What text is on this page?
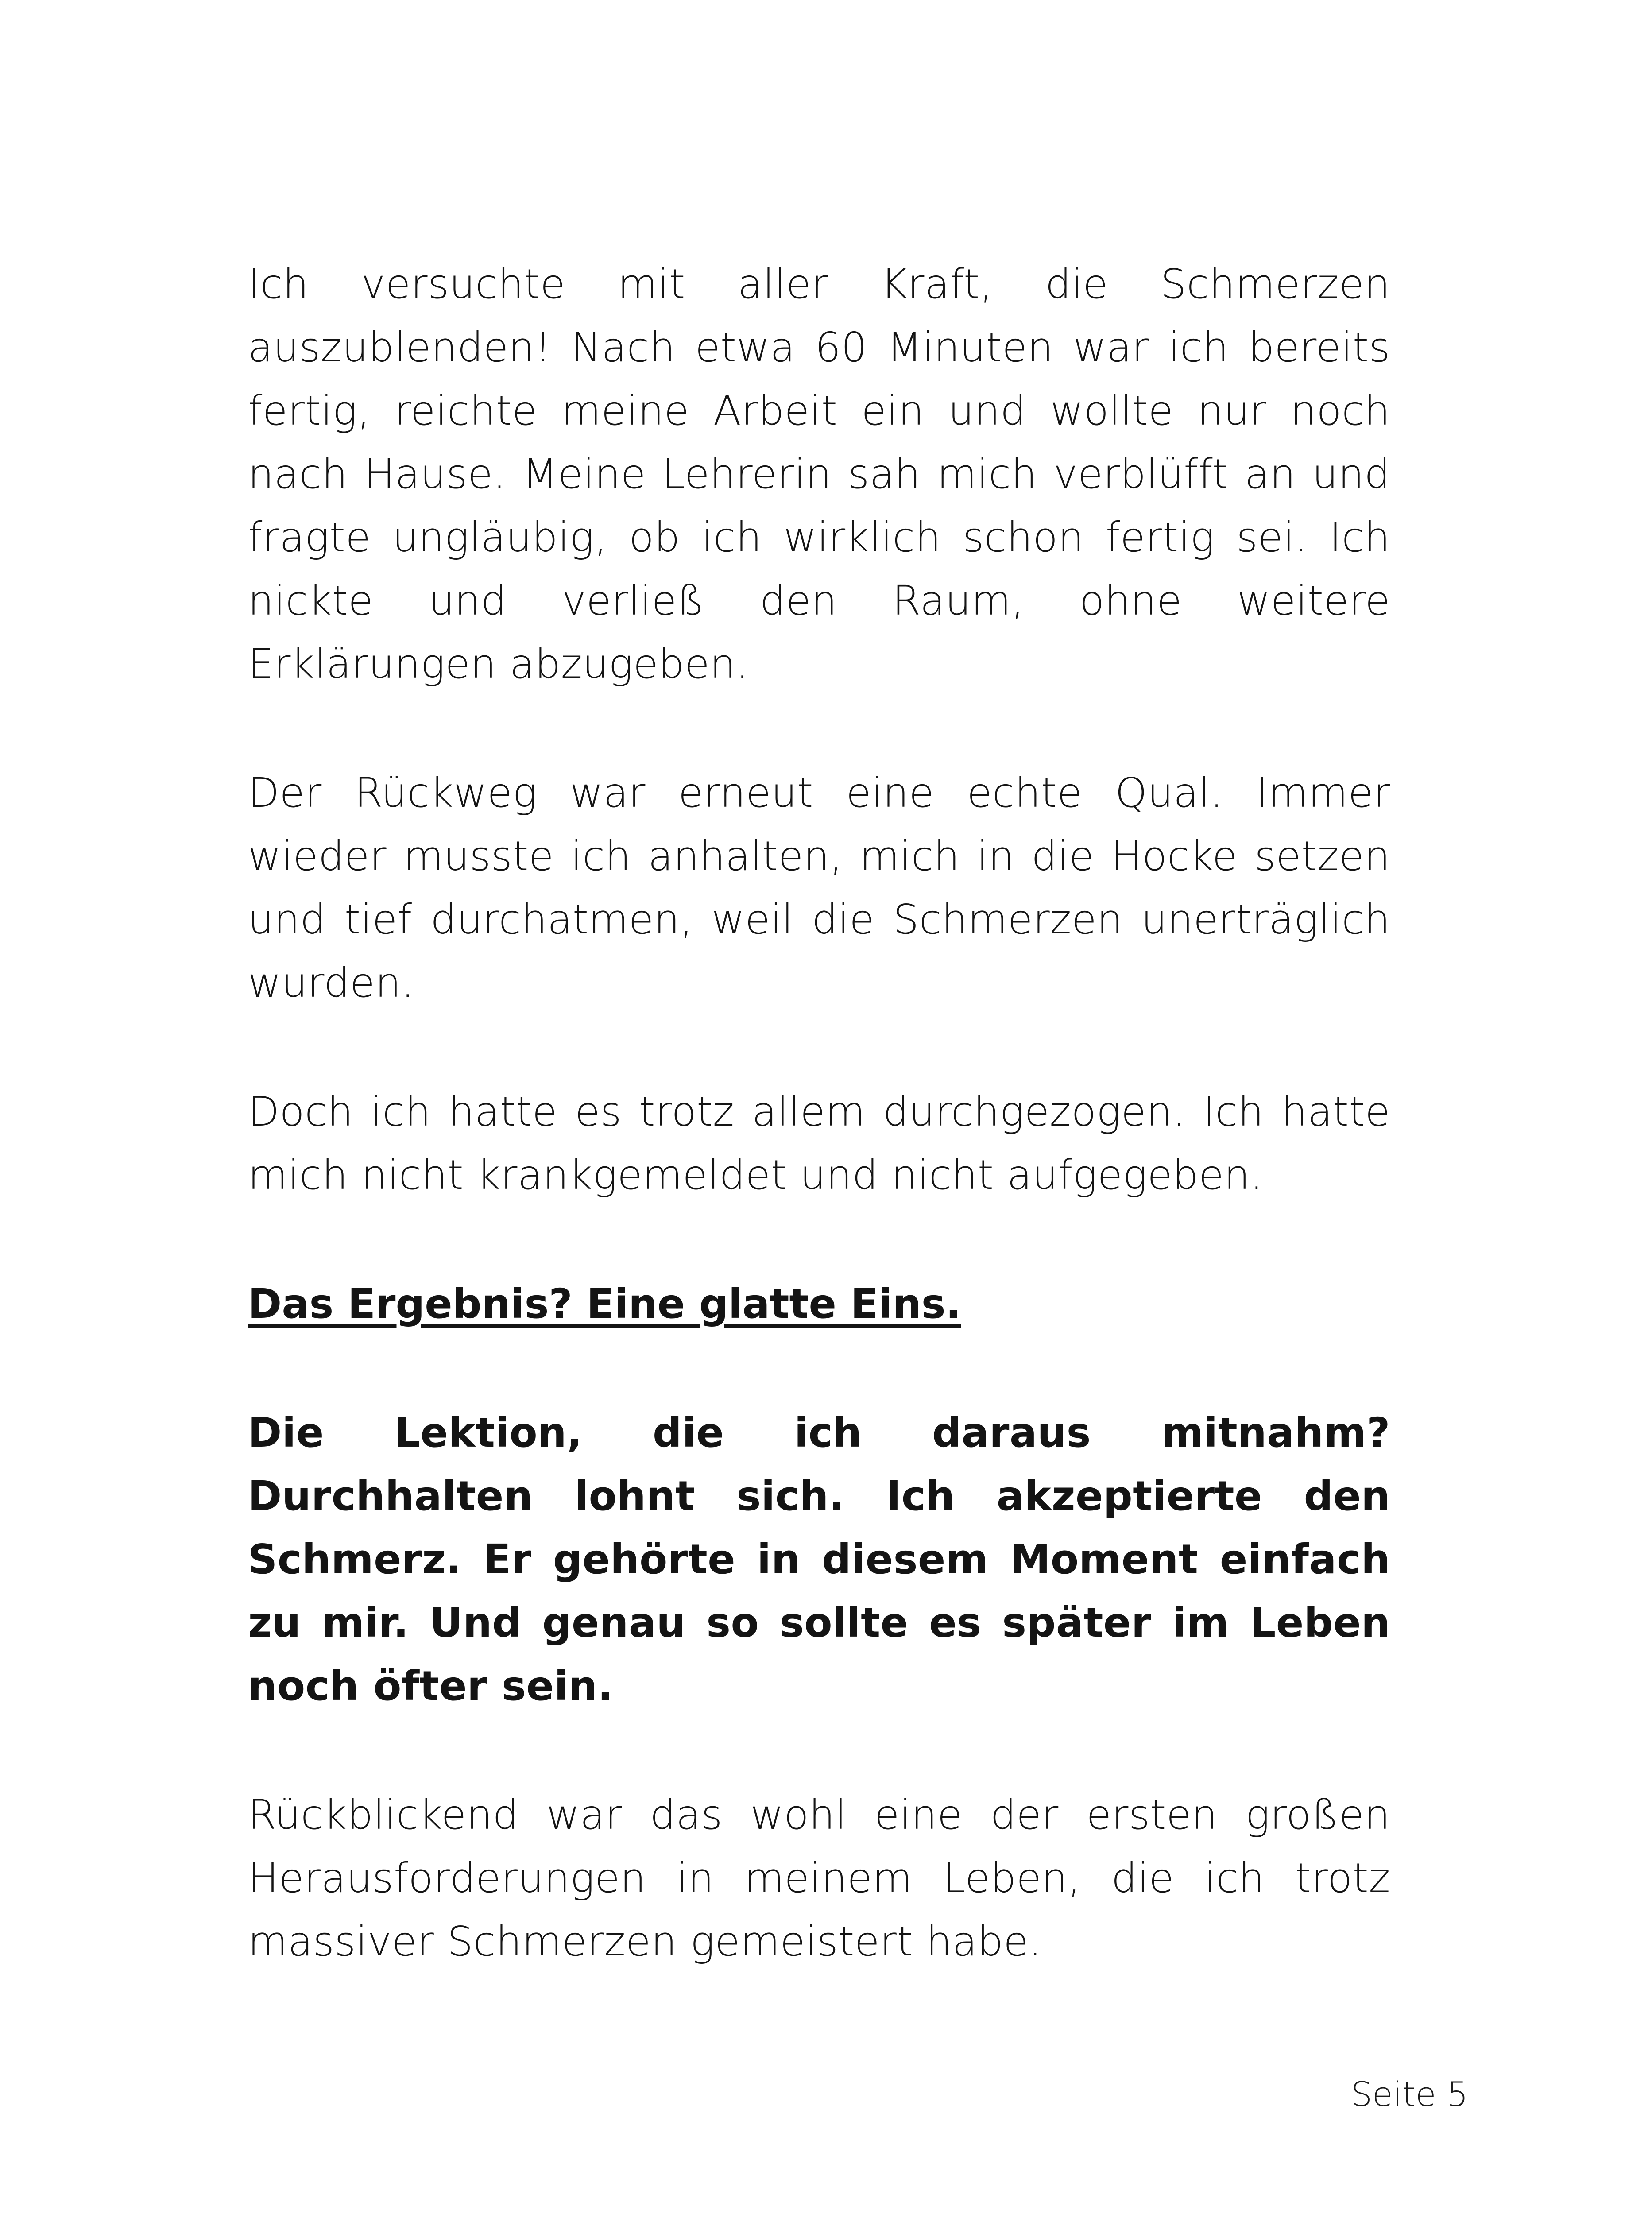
Ich versuchte mit aller Kraft, die Schmerzen auszublenden! Nach etwa 60 Minuten war ich bereits fertig, reichte meine Arbeit ein und wollte nur noch nach Hause. Meine Lehrerin sah mich verblüfft an und fragte ungläubig, ob ich wirklich schon fertig sei. Ich nickte und verließ den Raum, ohne weitere Erklärungen abzugeben.

Der Rückweg war erneut eine echte Qual. Immer wieder musste ich anhalten, mich in die Hocke setzen und tief durchatmen, weil die Schmerzen unerträglich wurden.

Doch ich hatte es trotz allem durchgezogen. Ich hatte mich nicht krankgemeldet und nicht aufgegeben.

Das Ergebnis? Eine glatte Eins.

Die Lektion, die ich daraus mitnahm? Durchhalten lohnt sich. Ich akzeptierte den Schmerz. Er gehörte in diesem Moment einfach zu mir. Und genau so sollte es später im Leben noch öfter sein.

Rückblickend war das wohl eine der ersten großen Herausforderungen in meinem Leben, die ich trotz massiver Schmerzen gemeistert habe.

Seite 5
